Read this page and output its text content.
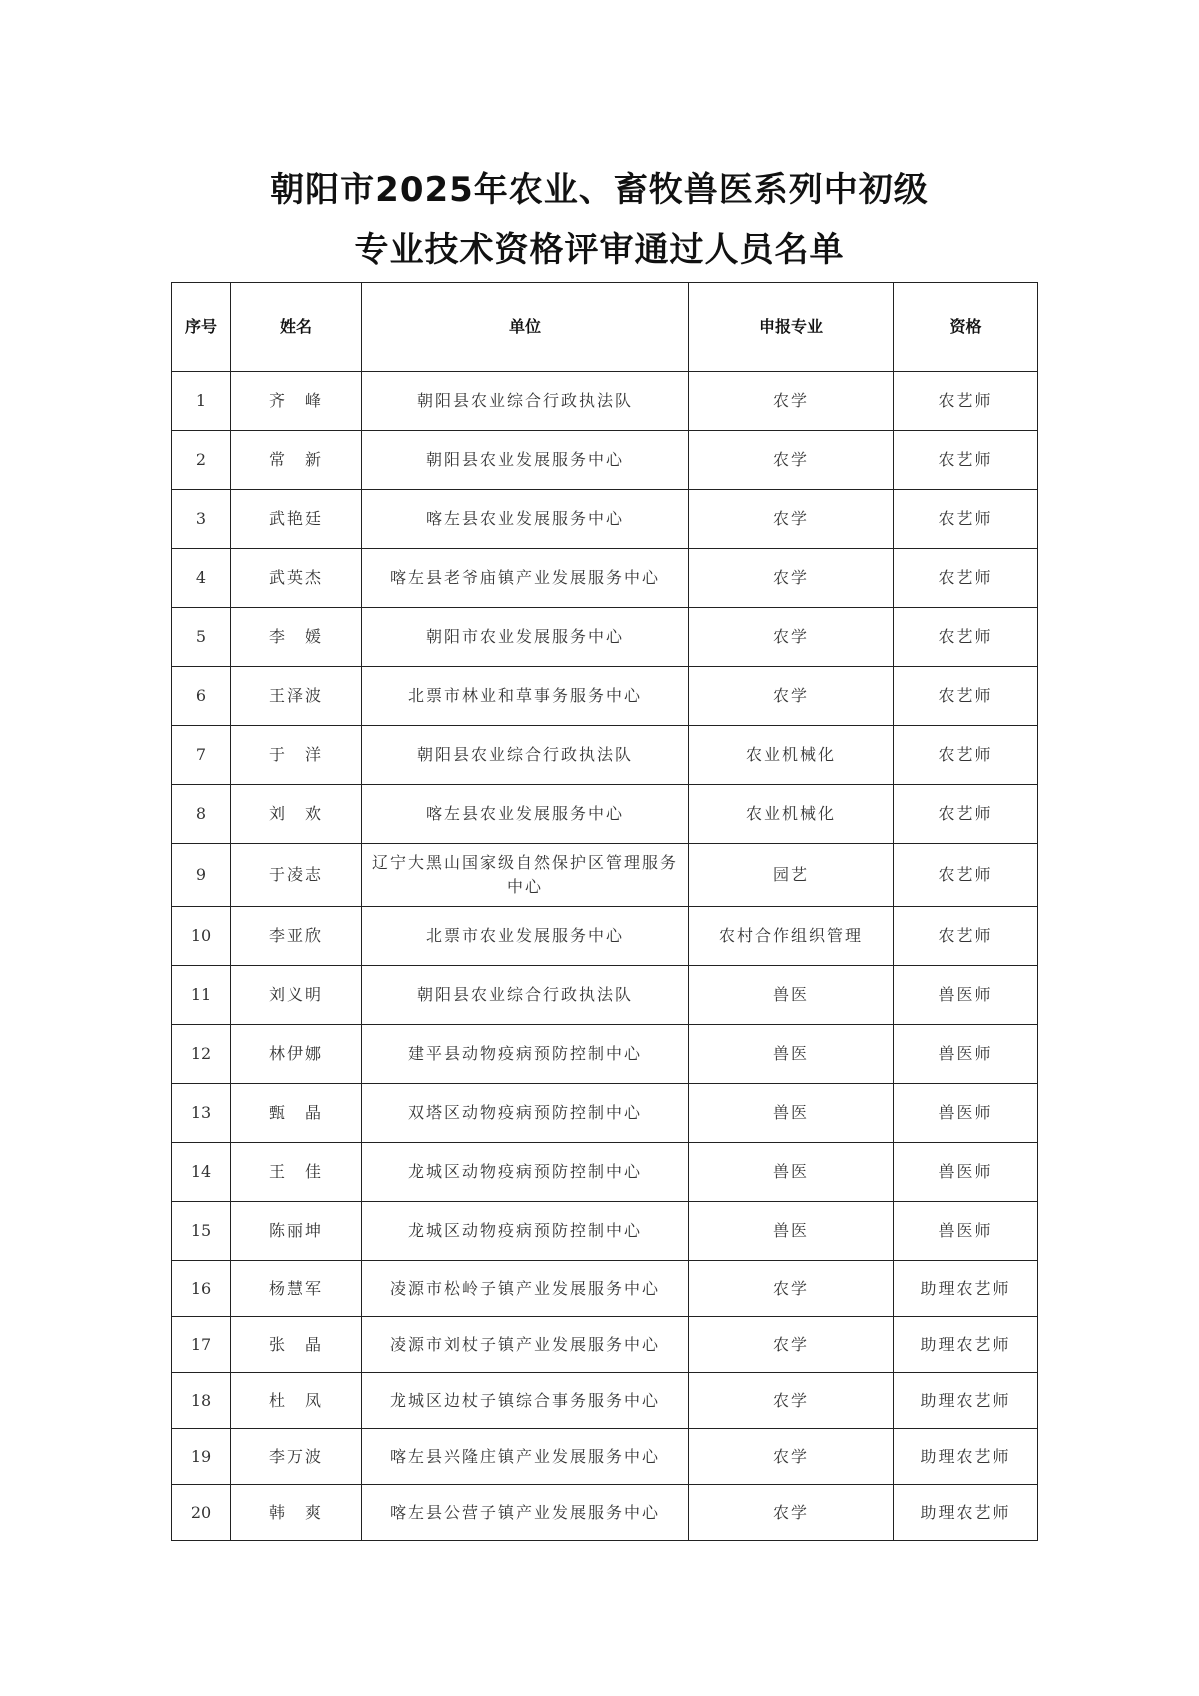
朝阳市2025年农业、畜牧兽医系列中初级
专业技术资格评审通过人员名单
序号	姓名	单位	申报专业	资格
1	齐　峰	朝阳县农业综合行政执法队	农学	农艺师
2	常　新	朝阳县农业发展服务中心	农学	农艺师
3	武艳廷	喀左县农业发展服务中心	农学	农艺师
4	武英杰	喀左县老爷庙镇产业发展服务中心	农学	农艺师
5	李　媛	朝阳市农业发展服务中心	农学	农艺师
6	王泽波	北票市林业和草事务服务中心	农学	农艺师
7	于　洋	朝阳县农业综合行政执法队	农业机械化	农艺师
8	刘　欢	喀左县农业发展服务中心	农业机械化	农艺师
9	于凌志	辽宁大黑山国家级自然保护区管理服务中心	园艺	农艺师
10	李亚欣	北票市农业发展服务中心	农村合作组织管理	农艺师
11	刘义明	朝阳县农业综合行政执法队	兽医	兽医师
12	林伊娜	建平县动物疫病预防控制中心	兽医	兽医师
13	甄　晶	双塔区动物疫病预防控制中心	兽医	兽医师
14	王　佳	龙城区动物疫病预防控制中心	兽医	兽医师
15	陈丽坤	龙城区动物疫病预防控制中心	兽医	兽医师
16	杨慧军	凌源市松岭子镇产业发展服务中心	农学	助理农艺师
17	张　晶	凌源市刘杖子镇产业发展服务中心	农学	助理农艺师
18	杜　凤	龙城区边杖子镇综合事务服务中心	农学	助理农艺师
19	李万波	喀左县兴隆庄镇产业发展服务中心	农学	助理农艺师
20	韩　爽	喀左县公营子镇产业发展服务中心	农学	助理农艺师
